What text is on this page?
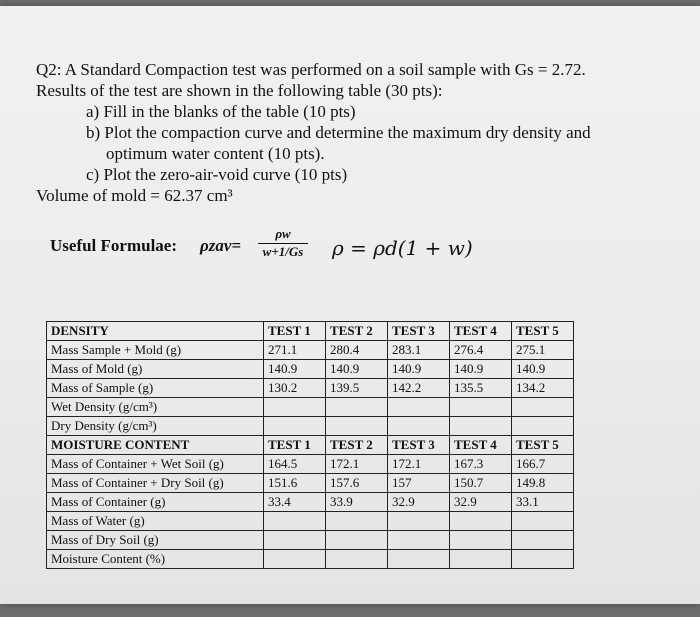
Q2: A Standard Compaction test was performed on a soil sample with Gs = 2.72.
Results of the test are shown in the following table (30 pts):
a) Fill in the blanks of the table (10 pts)
b) Plot the compaction curve and determine the maximum dry density and
optimum water content (10 pts).
c) Plot the zero-air-void curve (10 pts)
Volume of mold = 62.37 cm³
Useful Formulae: $\rho zav= \frac{\rho w}{w+1/Gs}$ ρ = ρd(1 + w)
DENSITY	TEST 1	TEST 2	TEST 3	TEST 4	TEST 5
Mass Sample + Mold (g)	271.1	280.4	283.1	276.4	275.1
Mass of Mold (g)	140.9	140.9	140.9	140.9	140.9
Mass of Sample (g)	130.2	139.5	142.2	135.5	134.2
Wet Density (g/cm³)					
Dry Density (g/cm³)					
MOISTURE CONTENT	TEST 1	TEST 2	TEST 3	TEST 4	TEST 5
Mass of Container + Wet Soil (g)	164.5	172.1	172.1	167.3	166.7
Mass of Container + Dry Soil (g)	151.6	157.6	157	150.7	149.8
Mass of Container (g)	33.4	33.9	32.9	32.9	33.1
Mass of Water (g)					
Mass of Dry Soil (g)					
Moisture Content (%)					
